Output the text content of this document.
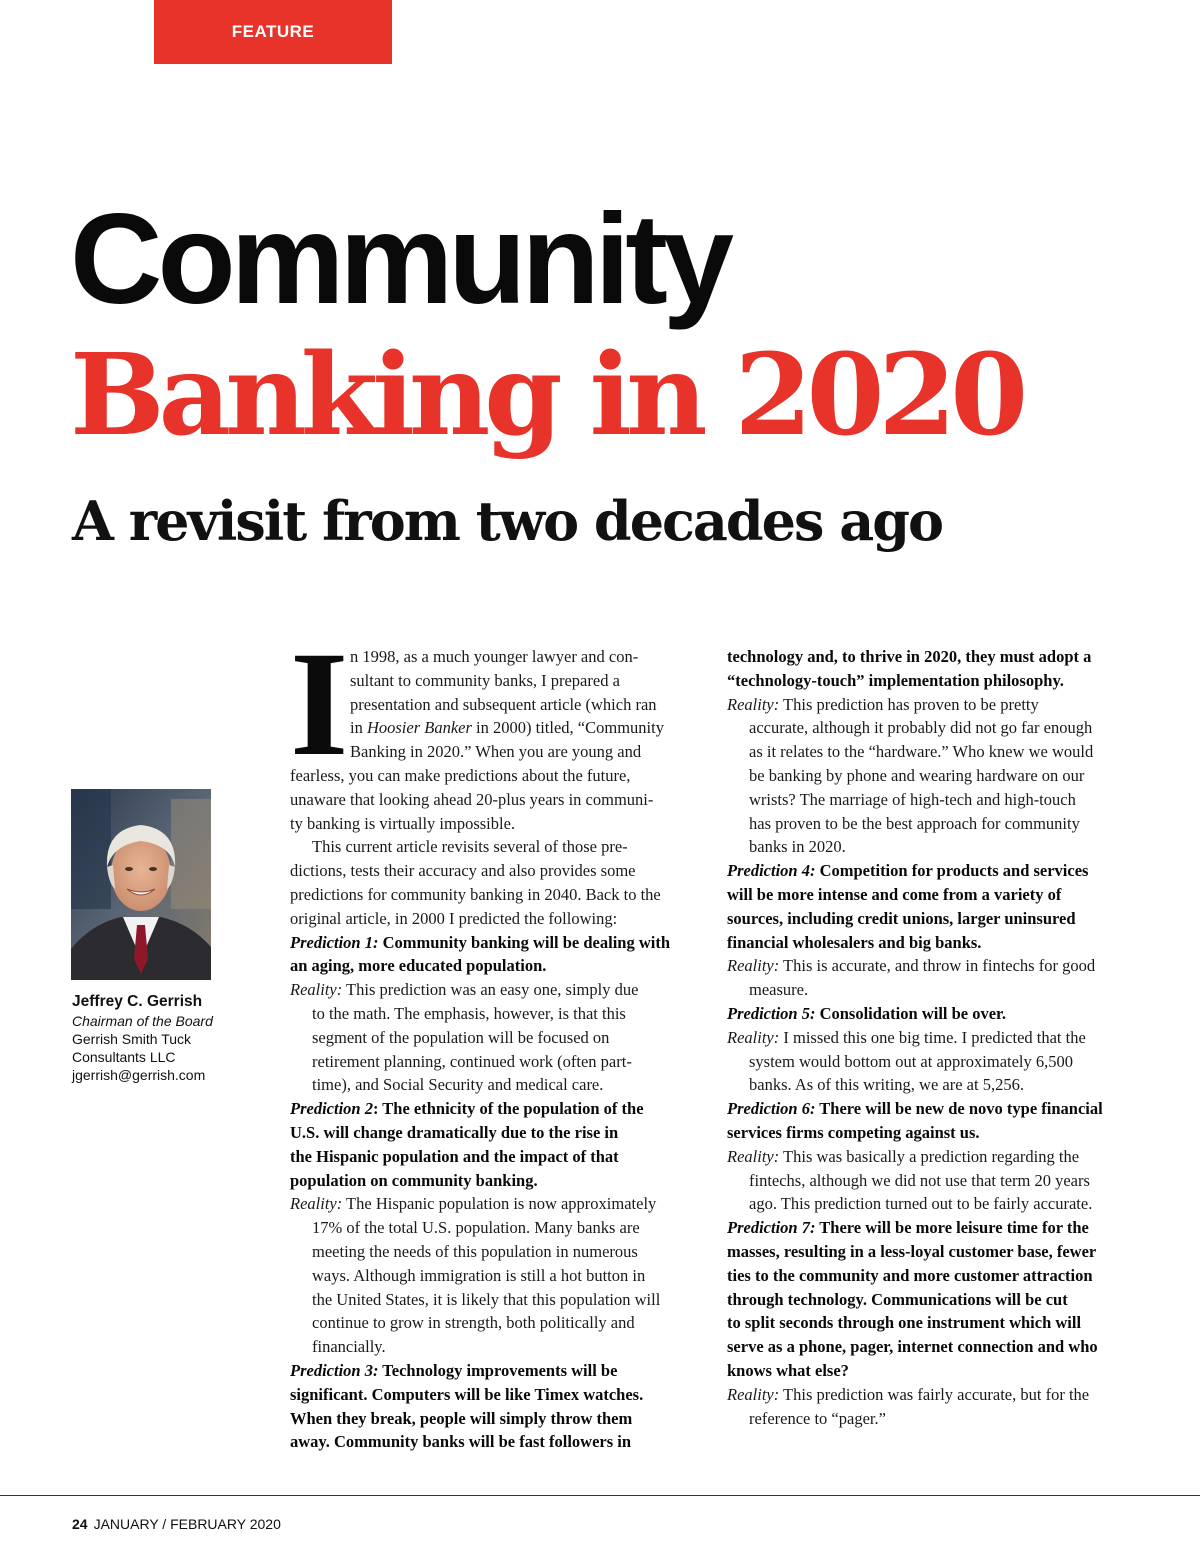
FEATURE
Community
Banking in 2020
A revisit from two decades ago
Jeffrey C. Gerrish
Chairman of the Board
Gerrish Smith Tuck
Consultants LLC
jgerrish@gerrish.com
I n 1998, as a much younger lawyer and con-

sultant to community banks, I prepared a

presentation and subsequent article (which ran

in Hoosier Banker in 2000) titled, “Community

Banking in 2020.” When you are young and

fearless, you can make predictions about the future,

unaware that looking ahead 20-plus years in communi-

ty banking is virtually impossible.

This current article revisits several of those pre-

dictions, tests their accuracy and also provides some

predictions for community banking in 2040. Back to the

original article, in 2000 I predicted the following:

Prediction 1: Community banking will be dealing with

an aging, more educated population.

Reality: This prediction was an easy one, simply due

to the math. The emphasis, however, is that this

segment of the population will be focused on

retirement planning, continued work (often part-

time), and Social Security and medical care.

Prediction 2: The ethnicity of the population of the

U.S. will change dramatically due to the rise in

the Hispanic population and the impact of that

population on community banking.

Reality: The Hispanic population is now approximately

17% of the total U.S. population. Many banks are

meeting the needs of this population in numerous

ways. Although immigration is still a hot button in

the United States, it is likely that this population will

continue to grow in strength, both politically and

financially.

Prediction 3: Technology improvements will be

significant. Computers will be like Timex watches.

When they break, people will simply throw them

away. Community banks will be fast followers in

technology and, to thrive in 2020, they must adopt a

“technology-touch” implementation philosophy.

Reality: This prediction has proven to be pretty

accurate, although it probably did not go far enough

as it relates to the “hardware.” Who knew we would

be banking by phone and wearing hardware on our

wrists? The marriage of high-tech and high-touch

has proven to be the best approach for community

banks in 2020.

Prediction 4: Competition for products and services

will be more intense and come from a variety of

sources, including credit unions, larger uninsured

financial wholesalers and big banks.

Reality: This is accurate, and throw in fintechs for good

measure.

Prediction 5: Consolidation will be over.

Reality: I missed this one big time. I predicted that the

system would bottom out at approximately 6,500

banks. As of this writing, we are at 5,256.

Prediction 6: There will be new de novo type financial

services firms competing against us.

Reality: This was basically a prediction regarding the

fintechs, although we did not use that term 20 years

ago. This prediction turned out to be fairly accurate.

Prediction 7: There will be more leisure time for the

masses, resulting in a less-loyal customer base, fewer

ties to the community and more customer attraction

through technology. Communications will be cut

to split seconds through one instrument which will

serve as a phone, pager, internet connection and who

knows what else?

Reality: This prediction was fairly accurate, but for the

reference to “pager.”

24 JANUARY / FEBRUARY 2020
